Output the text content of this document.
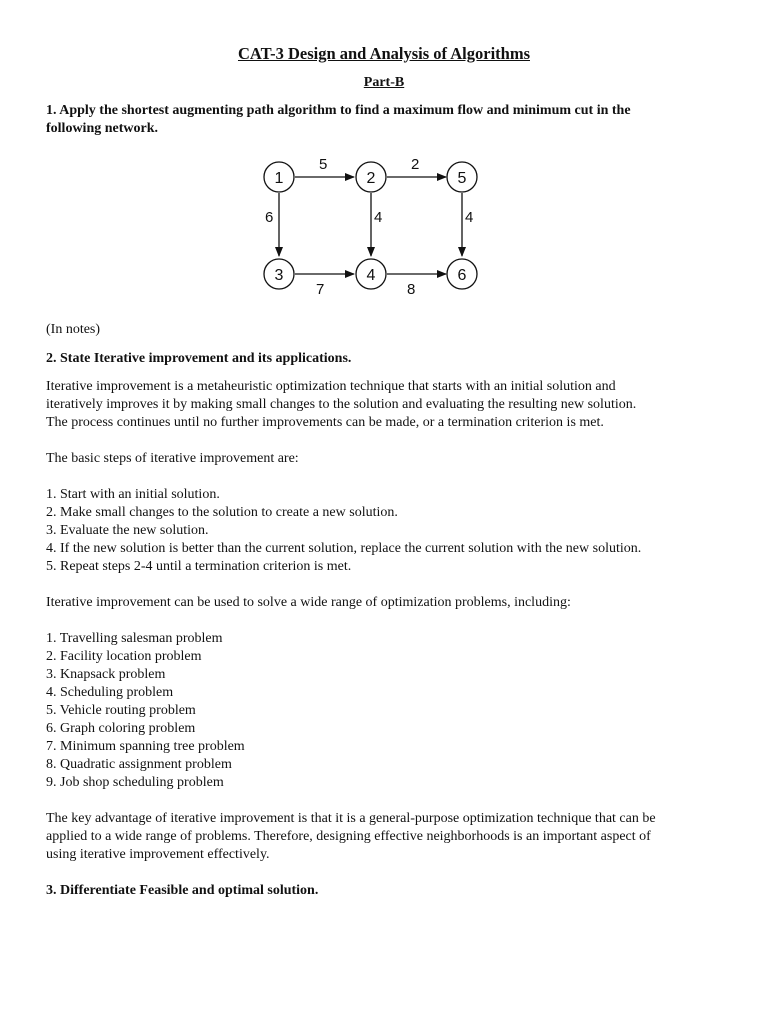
CAT-3 Design and Analysis of Algorithms
Part-B
1. Apply the shortest augmenting path algorithm to find a maximum flow and minimum cut in the
following network.
5	2
6	4	4
7	8
1	2	5
3	4	6
(In notes)
2. State Iterative improvement and its applications.
Iterative improvement is a metaheuristic optimization technique that starts with an initial solution and
iteratively improves it by making small changes to the solution and evaluating the resulting new solution.
The process continues until no further improvements can be made, or a termination criterion is met.
The basic steps of iterative improvement are:
1. Start with an initial solution.
2. Make small changes to the solution to create a new solution.
3. Evaluate the new solution.
4. If the new solution is better than the current solution, replace the current solution with the new solution.
5. Repeat steps 2-4 until a termination criterion is met.
Iterative improvement can be used to solve a wide range of optimization problems, including:
1. Travelling salesman problem
2. Facility location problem
3. Knapsack problem
4. Scheduling problem
5. Vehicle routing problem
6. Graph coloring problem
7. Minimum spanning tree problem
8. Quadratic assignment problem
9. Job shop scheduling problem
The key advantage of iterative improvement is that it is a general-purpose optimization technique that can be
applied to a wide range of problems. Therefore, designing effective neighborhoods is an important aspect of
using iterative improvement effectively.
3. Differentiate Feasible and optimal solution.
